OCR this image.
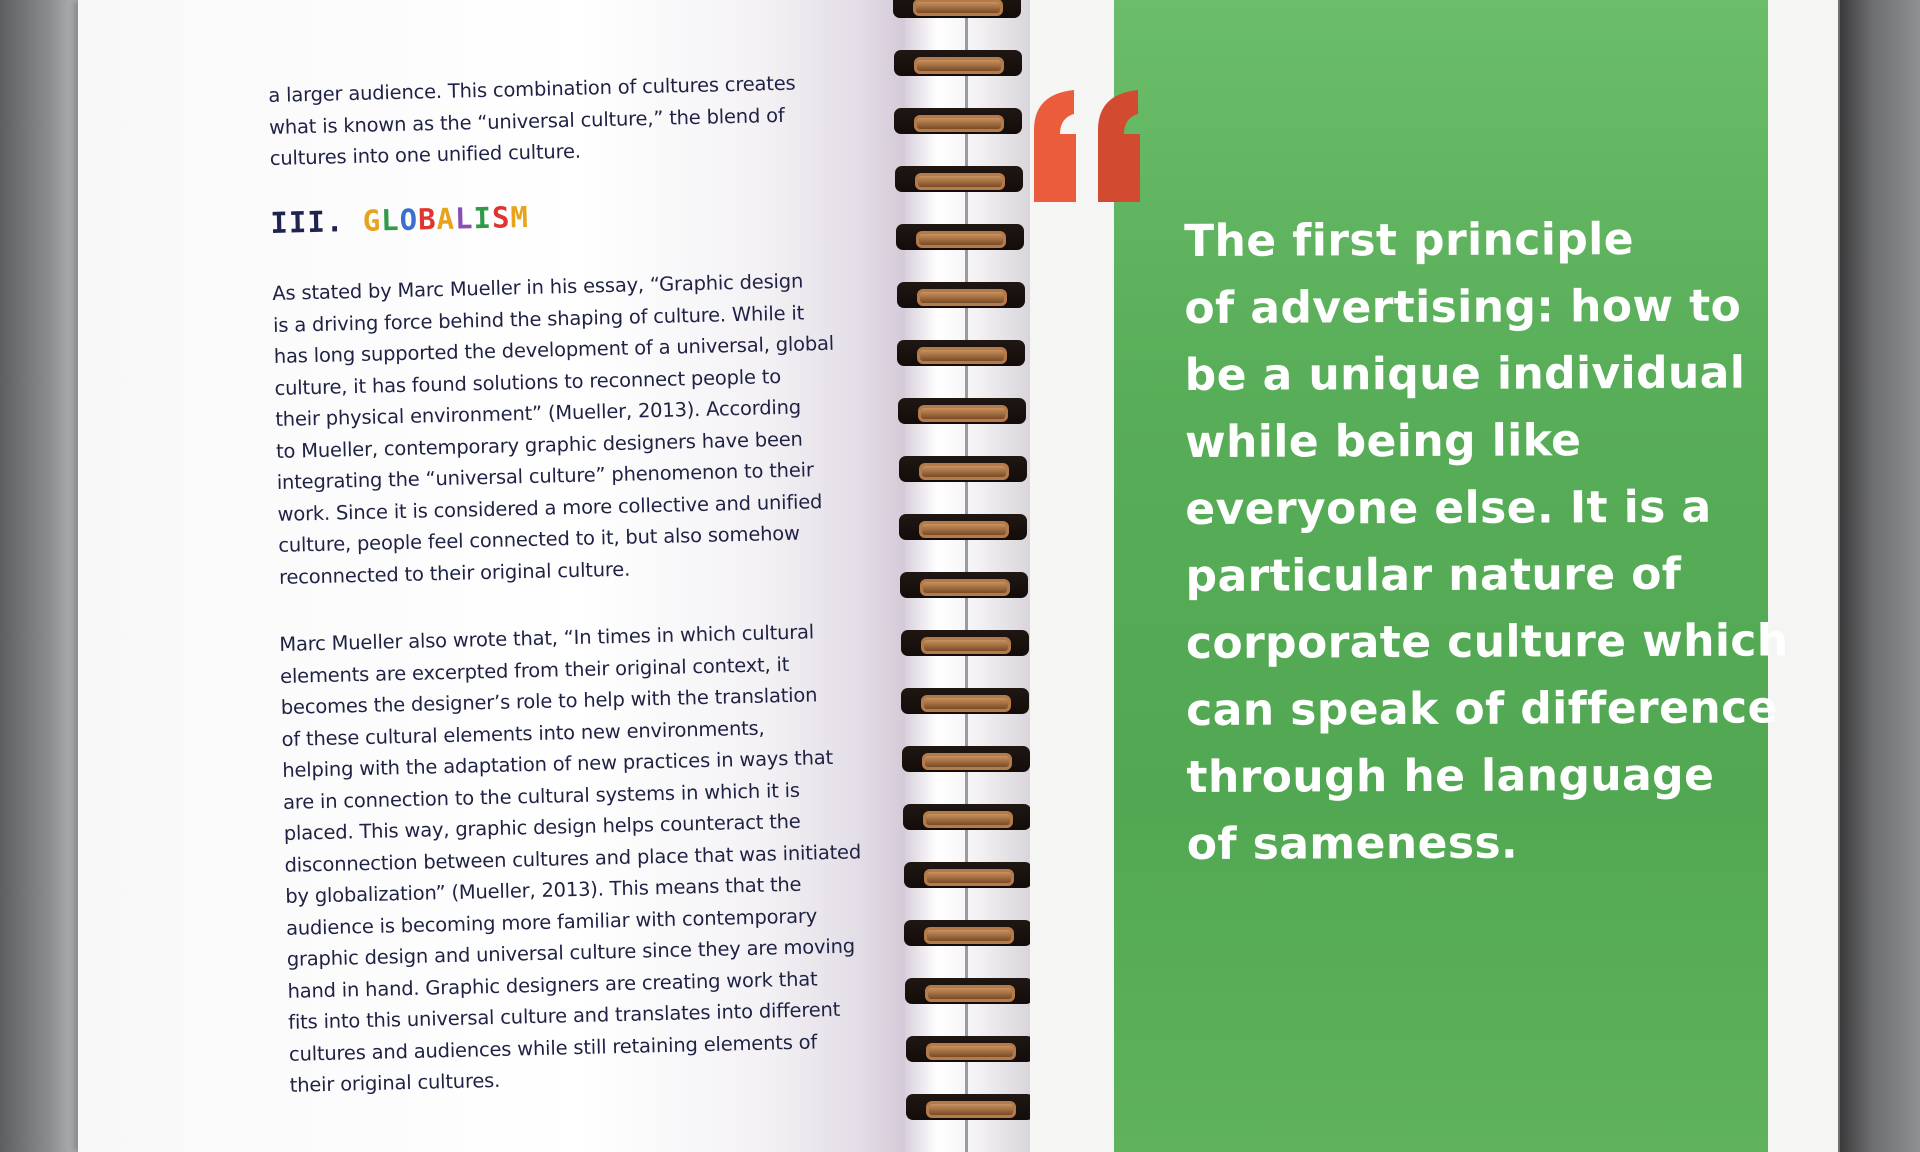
a larger audience. This combination of cultures creates
what is known as the “universal culture,” the blend of
cultures into one unified culture.
III. GLOBALISM
As stated by Marc Mueller in his essay, “Graphic design
is a driving force behind the shaping of culture. While it
has long supported the development of a universal, global
culture, it has found solutions to reconnect people to
their physical environment” (Mueller, 2013). According
to Mueller, contemporary graphic designers have been
integrating the “universal culture” phenomenon to their
work. Since it is considered a more collective and unified
culture, people feel connected to it, but also somehow
reconnected to their original culture.
Marc Mueller also wrote that, “In times in which cultural
elements are excerpted from their original context, it
becomes the designer’s role to help with the translation
of these cultural elements into new environments,
helping with the adaptation of new practices in ways that
are in connection to the cultural systems in which it is
placed. This way, graphic design helps counteract the
disconnection between cultures and place that was initiated
by globalization” (Mueller, 2013). This means that the
audience is becoming more familiar with contemporary
graphic design and universal culture since they are moving
hand in hand. Graphic designers are creating work that
fits into this universal culture and translates into different
cultures and audiences while still retaining elements of
their original cultures.
The first principle
of advertising: how to
be a unique individual
while being like
everyone else. It is a
particular nature of
corporate culture which
can speak of difference
through he language
of sameness.
